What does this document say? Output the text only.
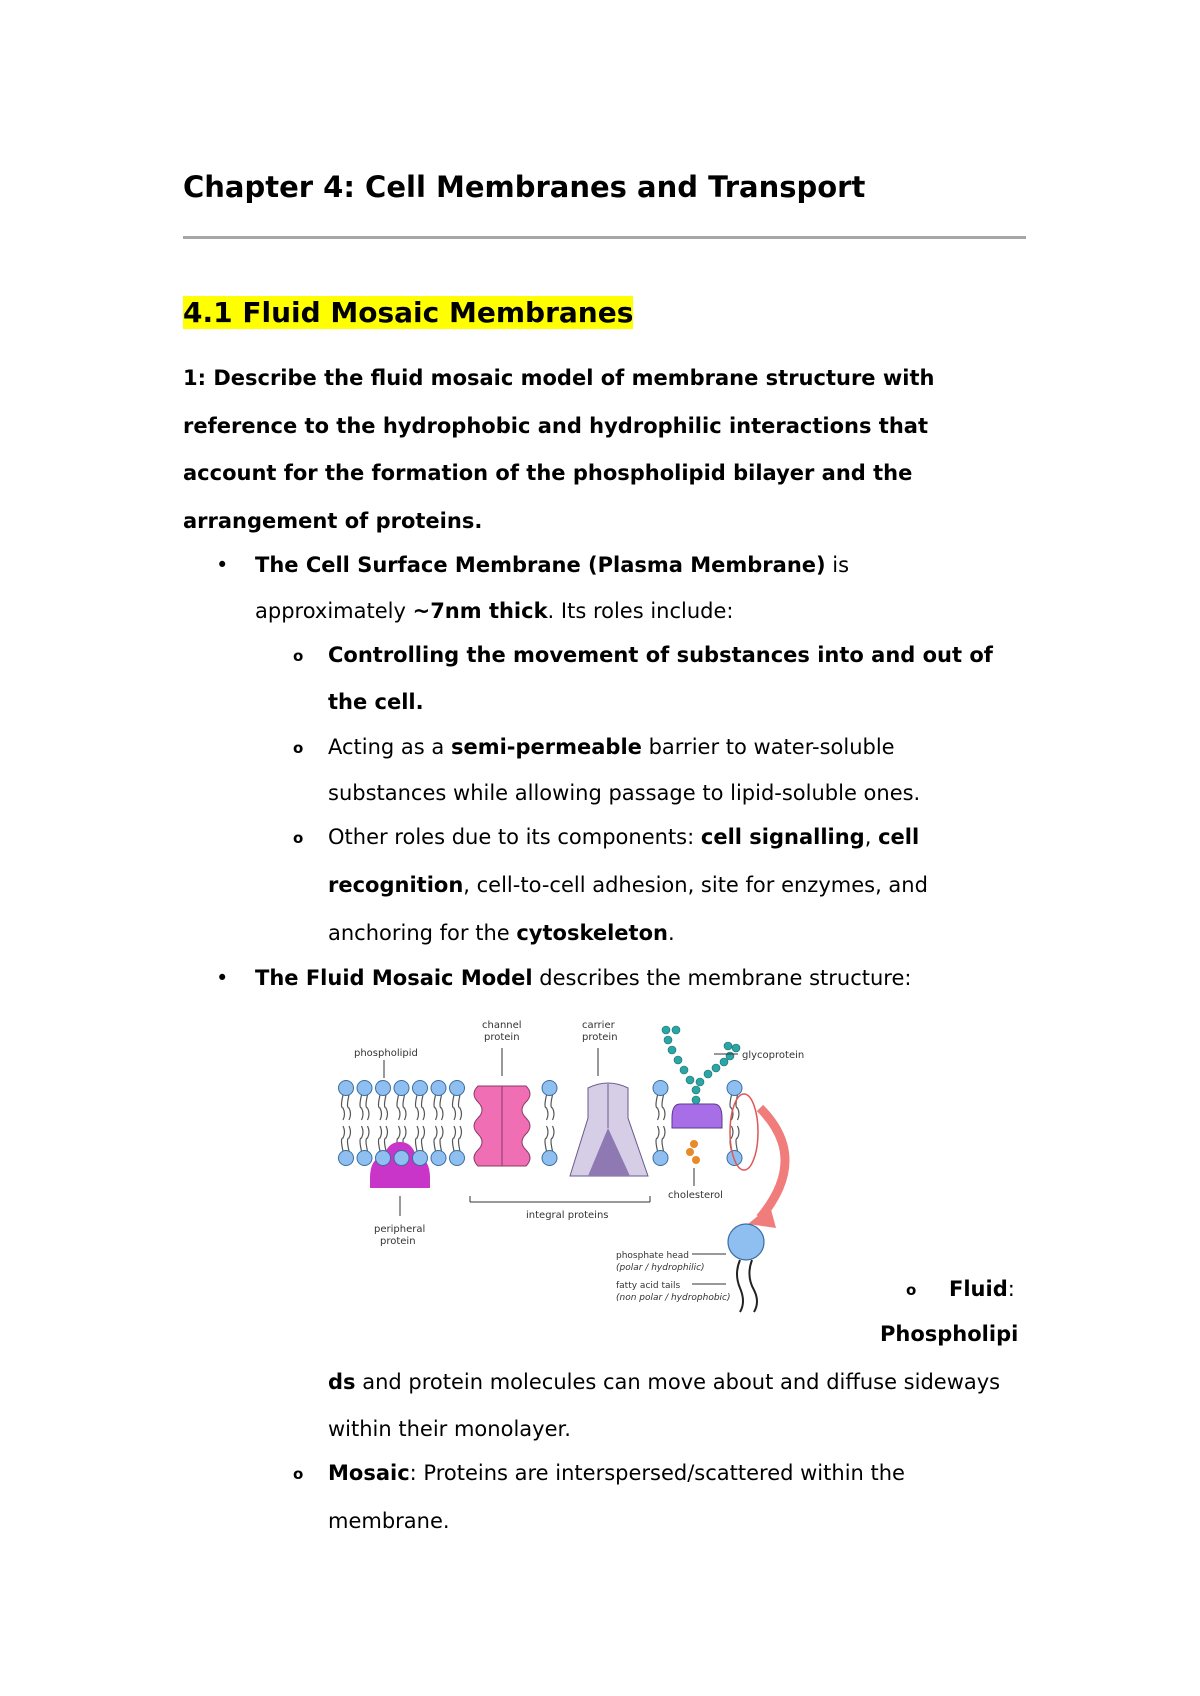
Chapter 4: Cell Membranes and Transport
4.1 Fluid Mosaic Membranes
1: Describe the fluid mosaic model of membrane structure with
reference to the hydrophobic and hydrophilic interactions that
account for the formation of the phospholipid bilayer and the
arrangement of proteins.
• The Cell Surface Membrane (Plasma Membrane) is
approximately ~7nm thick. Its roles include:
o Controlling the movement of substances into and out of
the cell.
o Acting as a semi-permeable barrier to water-soluble
substances while allowing passage to lipid-soluble ones.
o Other roles due to its components: cell signalling, cell
recognition, cell-to-cell adhesion, site for enzymes, and
anchoring for the cytoskeleton.
• The Fluid Mosaic Model describes the membrane structure:
phospholipid
channel
protein
carrier
protein
glycoprotein
cholesterol
integral proteins
peripheral
protein
phosphate head
(polar / hydrophilic)
fatty acid tails
(non polar / hydrophobic)	o Fluid:
Phospholipi
ds and protein molecules can move about and diffuse sideways
within their monolayer.
o Mosaic: Proteins are interspersed/scattered within the
membrane.
